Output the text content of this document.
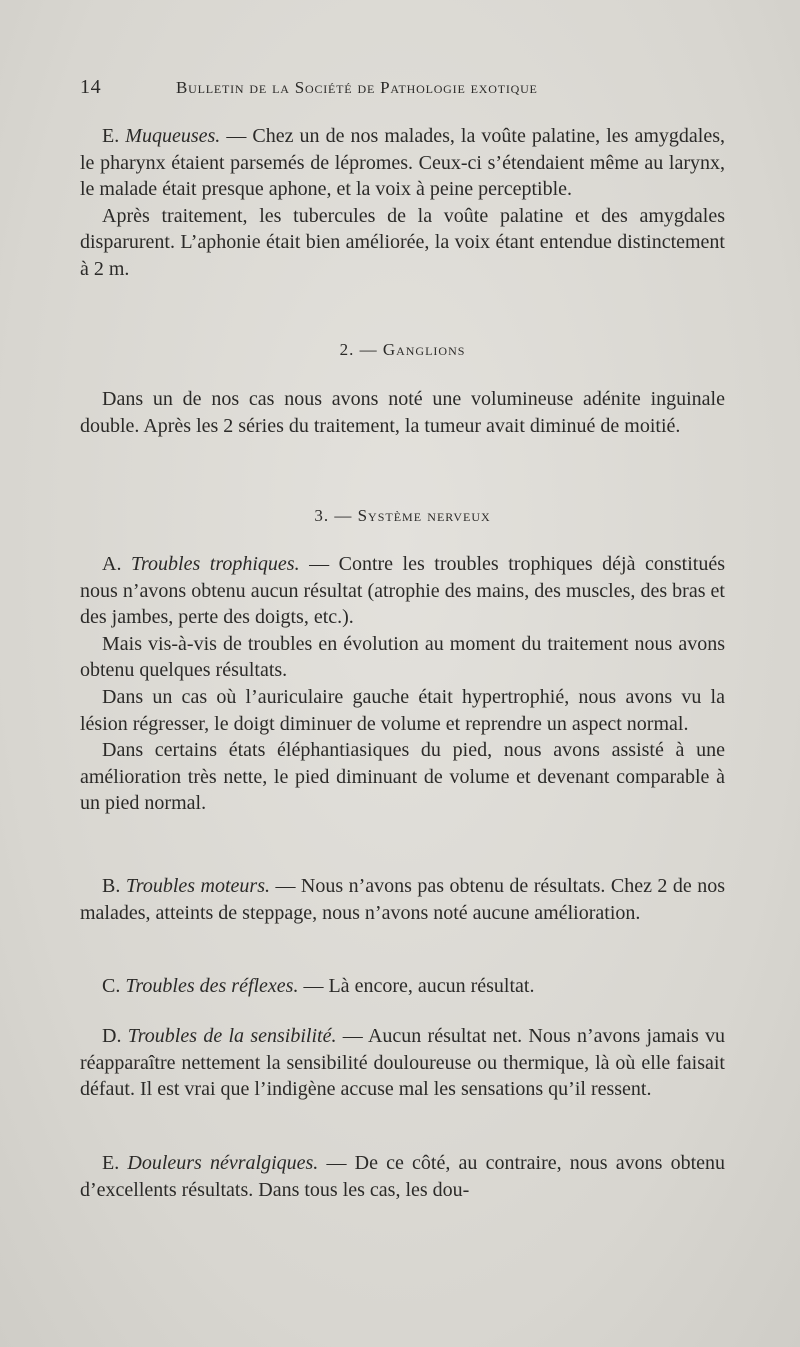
14	Bulletin de la Société de Pathologie exotique

E. Muqueuses. — Chez un de nos malades, la voûte palatine, les amygdales, le pharynx étaient parsemés de lépromes. Ceux-ci s’étendaient même au larynx, le malade était presque aphone, et la voix à peine perceptible.

Après traitement, les tubercules de la voûte palatine et des amygdales disparurent. L’aphonie était bien améliorée, la voix étant entendue distinctement à 2 m.

2. — Ganglions

Dans un de nos cas nous avons noté une volumineuse adénite inguinale double. Après les 2 séries du traitement, la tumeur avait diminué de moitié.

3. — Système nerveux

A. Troubles trophiques. — Contre les troubles trophiques déjà constitués nous n’avons obtenu aucun résultat (atrophie des mains, des muscles, des bras et des jambes, perte des doigts, etc.).

Mais vis-à-vis de troubles en évolution au moment du traitement nous avons obtenu quelques résultats.

Dans un cas où l’auriculaire gauche était hypertrophié, nous avons vu la lésion régresser, le doigt diminuer de volume et reprendre un aspect normal.

Dans certains états éléphantiasiques du pied, nous avons assisté à une amélioration très nette, le pied diminuant de volume et devenant comparable à un pied normal.

B. Troubles moteurs. — Nous n’avons pas obtenu de résultats. Chez 2 de nos malades, atteints de steppage, nous n’avons noté aucune amélioration.

C. Troubles des réflexes. — Là encore, aucun résultat.

D. Troubles de la sensibilité. — Aucun résultat net. Nous n’avons jamais vu réapparaître nettement la sensibilité douloureuse ou thermique, là où elle faisait défaut. Il est vrai que l’indigène accuse mal les sensations qu’il ressent.

E. Douleurs névralgiques. — De ce côté, au contraire, nous avons obtenu d’excellents résultats. Dans tous les cas, les dou-
